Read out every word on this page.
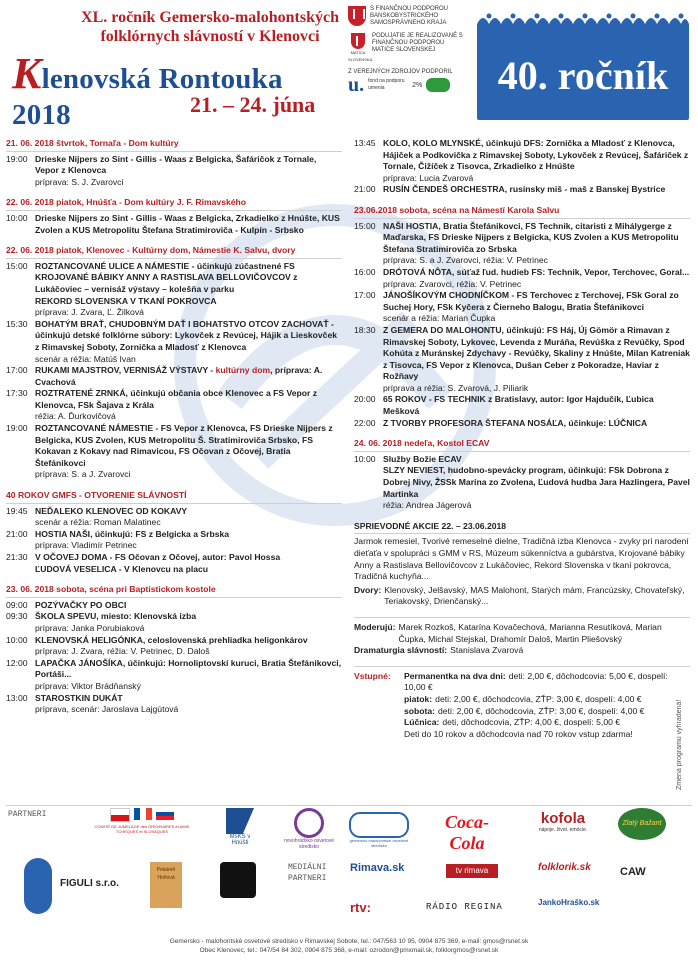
XL. ročník Gemersko-malohontských
folklórnych slávností v Klenovci
Klenovská Rontouka 2018	21. – 24. júna
S FINANČNOU PODPOROU BANSKOBYSTRICKÉHO SAMOSPRÁVNEHO KRAJA
MATICA SLOVENSKÁ
PODUJATIE JE REALIZOVANÉ S FINANČNOU PODPOROU MATICE SLOVENSKEJ
Z VEREJNÝCH ZDROJOV PODPORIL
u. fond na podporu umenia	2%	40. ročník
21. 06. 2018 štvrtok, Tornaľa - Dom kultúry
19:00 Drieske Nijpers zo Sint - Gillis - Waas z Belgicka, Šafáričok z Tornale, Vepor z Klenovca
príprava: S. J. Zvarovci
22. 06. 2018 piatok, Hnúšťa - Dom kultúry J. F. Rimavského
10:00 Drieske Nijpers zo Sint - Gillis - Waas z Belgicka, Zrkadielko z Hnúšte, KUS Zvolen a KUS Metropolitu Štefana Stratimiroviča - Kulpín - Srbsko
22. 06. 2018 piatok, Klenovec - Kultúrny dom, Námestie K. Salvu, dvory
15:00 ROZTANCOVANÉ ULICE A NÁMESTIE - účinkujú zúčastnené FS
KROJOVANÉ BÁBIKY ANNY A RASTISLAVA BELLOVIČOVCOV z Lukáčoviec – vernisáž výstavy – kolešňa v parku
REKORD SLOVENSKA V TKANÍ POKROVCA
príprava: J. Zvara, Ľ. Žilková
15:30 BOHATÝM BRAŤ, CHUDOBNÝM DAŤ I BOHATSTVO OTCOV ZACHOVAŤ - účinkujú detské folklórne súbory: Lykovček z Revúcej, Hájik a Lieskovček z Rimavskej Soboty, Zornička a Mladosť z Klenovca
scenár a réžia: Matúš Ivan
17:00 RUKAMI MAJSTROV, VERNISÁŽ VÝSTAVY - kultúrny dom, príprava: A. Cvachová
17:30 ROZTRATENÉ ZRNKÁ, účinkujú občania obce Klenovec a FS Vepor z Klenovca, FSk Šajava z Krála
réžia: A. Ďurkovičová
19:00 ROZTANCOVANÉ NÁMESTIE - FS Vepor z Klenovca, FS Drieske Nijpers z Belgicka, KUS Zvolen, KUS Metropolitu Š. Stratimiroviča Srbsko, FS Kokavan z Kokavy nad Rimavicou, FS Očovan z Očovej, Bratia Štefánikovci
príprava: S. a J. Zvarovci
40 ROKOV GMFS - OTVORENIE SLÁVNOSTÍ
19:45 NEĎALEKO KLENOVEC OD KOKAVY
scenár a réžia: Roman Malatinec
21:00 HOSTIA NAŠI, účinkujú: FS z Belgicka a Srbska
príprava: Vladimír Petrinec
21:30 V OČOVEJ DOMA - FS Očovan z Očovej, autor: Pavol Hossa
ĽUDOVÁ VESELICA - V Klenovcu na placu
23. 06. 2018 sobota, scéna pri Baptistickom kostole
09:00 POZÝVAČKY PO OBCI
09:30 ŠKOLA SPEVU, miesto: Klenovská izba
príprava: Janka Porubiaková
10:00 KLENOVSKÁ HELIGÓNKA, celoslovenská prehliadka heligonkárov
príprava: J. Zvara, réžia: V. Petrinec, D. Daloš
12:00 LAPAČKA JÁNOŠÍKA, účinkujú: Hornoliptovskí kuruci, Bratia Štefánikovci, Portáši...
príprava: Viktor Brádňanský
13:00 STAROSTKIN DUKÁT
príprava, scenár: Jaroslava Lajgútová
13:45 KOLO, KOLO MLYNSKÉ, účinkujú DFS: Zornička a Mladosť z Klenovca, Hájiček a Podkovička z Rimavskej Soboty, Lykovček z Revúcej, Šafáriček z Tornale, Čižíček z Tisovca, Zrkadielko z Hnúšte
príprava: Lucia Zvarová
21:00 RUSÍN ČENDEŠ ORCHESTRA, rusínsky miš - maš z Banskej Bystrice
23.06.2018 sobota, scéna na Námestí Karola Salvu
15:00 NAŠI HOSTIA, Bratia Štefánikovci, FS Technik, citaristi z Mihálygerge z Maďarska, FS Drieske Nijpers z Belgicka, KUS Zvolen a KUS Metropolitu Štefana Stratimiroviča zo Srbska
príprava: S. a J. Zvarovci, réžia: V. Petrinec
16:00 DRÓTOVÁ NÔTA, súťaž ľud. hudieb FS: Technik, Vepor, Terchovec, Goral...
príprava: Zvarovci, réžia: V. Petrinec
17:00 JÁNOŠÍKOVÝM CHODNÍČKOM - FS Terchovec z Terchovej, FSk Goral zo Suchej Hory, FSk Kyčera z Čierneho Balogu, Bratia Štefánikovci
scenár a réžia: Marian Čupka
18:30 Z GEMERA DO MALOHONTU, účinkujú: FS Háj, Új Gömör a Rimavan z Rimavskej Soboty, Lykovec, Levenda z Muráňa, Revúška z Revúčky, Spod Kohúta z Muránskej Zdychavy - Revúčky, Skaliny z Hnúšte, Milan Katreniak z Tisovca, FS Vepor z Klenovca, Dušan Ceber z Pokoradze, Haviar z Rožňavy
príprava a réžia: S. Zvarová, J. Piliarik
20:00 65 ROKOV - FS TECHNIK z Bratislavy, autor: Igor Hajdučík, Ľubica Mešková
22:00 Z TVORBY PROFESORA ŠTEFANA NOSÁĽA, účinkuje: LÚČNICA
24. 06. 2018 nedeľa, Kostol ECAV
10:00 Služby Božie ECAV
SLZY NEVIEST, hudobno-spevácky program, účinkujú: FSk Dobrona z Dobrej Nivy, ŽSSk Marína zo Zvolena, Ľudová hudba Jara Hazlingera, Pavel Martinka
réžia: Andrea Jágerová
SPRIEVODNÉ AKCIE 22. – 23.06.2018
Jarmok remesiel, Tvorivé remeselné dielne, Tradičná izba Klenovca - zvyky pri narodení dieťaťa v spolupráci s GMM v RS, Múzeum súkenníctva a gubárstva, Krojované bábiky Anny a Rastislava Bellovičovcov z Lukáčoviec, Rekord Slovenska v tkaní pokrovca, Tradičná kuchyňa...
Dvory: Klenovský, Jelšavský, MAS Malohont, Starých mám, Francúzsky, Chovateľský, Teriakovský, Drienčanský...
Moderujú: Marek Rozkoš, Katarína Kovačechová, Marianna Resutíková, Marian Čupka, Michal Stejskal, Drahomír Daloš, Martin Pliešovský
Dramaturgia slávností: Stanislava Zvarová
Vstupné:	Permanentka na dva dni: deti: 2,00 €, dôchodcovia: 5,00 €, dospelí: 10,00 €
piatok: deti: 2,00 €, dôchodcovia, ZŤP: 3,00 €, dospelí: 4,00 €
sobota: deti: 2,00 €, dôchodcovia, ZŤP: 3,00 €, dospelí: 4,00 €
Lúčnica: deti, dôchodcovia, ZŤP: 4,00 €, dospelí: 5,00 €
Deti do 10 rokov a dôchodcovia nad 70 rokov vstup zdarma!	Zmena programu vyhradená!
PARTNERI
COMITÉ DE JUMELAGE des ORIGINAIRES et AMIS TCHEQUES et SLOVAQUES
MsKS v Hnúšti	novohradsko osvetové stredisko
gemersko-malohontské osvetové stredisko
Coca-Cola
kofola
nápoje. život. emócie.
Zlatý Bažant
FIGULI s.r.o.
Pekáreň Hriňová
MEDIÁLNI
PARTNERI
Rimava.sk	tv rimava	folklorik.sk	CAW
rtv:	RÁDIO REGINA	JankoHraško.sk
Gemersko - malohontské osvetové stredisko v Rimavskej Sobote, tel.: 047/563 10 95, 0904 875 369, e-mail: gmos@rsnet.sk
Obec Klenovec, tel.: 047/54 84 302, 0904 875 368, e-mail: ozrodon@pmxmail.sk, folklorgmos@rsnet.sk
